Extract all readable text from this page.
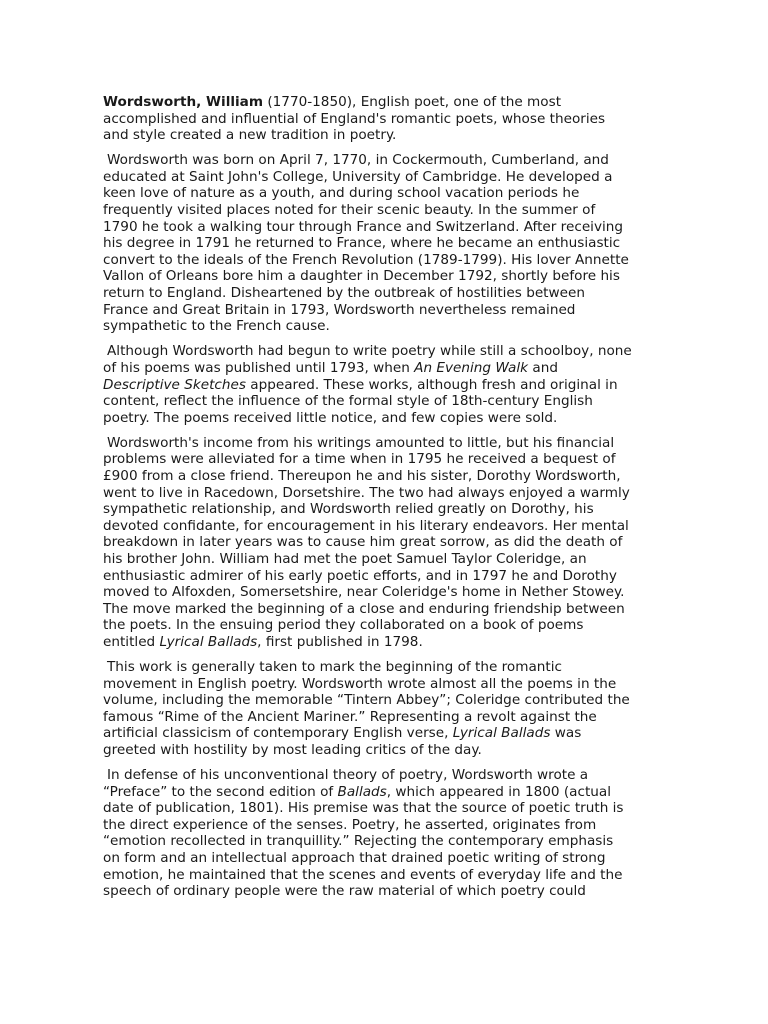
Wordsworth, William (1770-1850), English poet, one of the most accomplished and influential of England's romantic poets, whose theories and style created a new tradition in poetry.

Wordsworth was born on April 7, 1770, in Cockermouth, Cumberland, and educated at Saint John's College, University of Cambridge. He developed a keen love of nature as a youth, and during school vacation periods he frequently visited places noted for their scenic beauty. In the summer of 1790 he took a walking tour through France and Switzerland. After receiving his degree in 1791 he returned to France, where he became an enthusiastic convert to the ideals of the French Revolution (1789-1799). His lover Annette Vallon of Orleans bore him a daughter in December 1792, shortly before his return to England. Disheartened by the outbreak of hostilities between France and Great Britain in 1793, Wordsworth nevertheless remained sympathetic to the French cause.

Although Wordsworth had begun to write poetry while still a schoolboy, none of his poems was published until 1793, when An Evening Walk and Descriptive Sketches appeared. These works, although fresh and original in content, reflect the influence of the formal style of 18th-century English poetry. The poems received little notice, and few copies were sold.

Wordsworth's income from his writings amounted to little, but his financial problems were alleviated for a time when in 1795 he received a bequest of £900 from a close friend. Thereupon he and his sister, Dorothy Wordsworth, went to live in Racedown, Dorsetshire. The two had always enjoyed a warmly sympathetic relationship, and Wordsworth relied greatly on Dorothy, his devoted confidante, for encouragement in his literary endeavors. Her mental breakdown in later years was to cause him great sorrow, as did the death of his brother John. William had met the poet Samuel Taylor Coleridge, an enthusiastic admirer of his early poetic efforts, and in 1797 he and Dorothy moved to Alfoxden, Somersetshire, near Coleridge's home in Nether Stowey. The move marked the beginning of a close and enduring friendship between the poets. In the ensuing period they collaborated on a book of poems entitled Lyrical Ballads, first published in 1798.

This work is generally taken to mark the beginning of the romantic movement in English poetry. Wordsworth wrote almost all the poems in the volume, including the memorable “Tintern Abbey”; Coleridge contributed the famous “Rime of the Ancient Mariner.” Representing a revolt against the artificial classicism of contemporary English verse, Lyrical Ballads was greeted with hostility by most leading critics of the day.

In defense of his unconventional theory of poetry, Wordsworth wrote a “Preface” to the second edition of Ballads, which appeared in 1800 (actual date of publication, 1801). His premise was that the source of poetic truth is the direct experience of the senses. Poetry, he asserted, originates from “emotion recollected in tranquillity.” Rejecting the contemporary emphasis on form and an intellectual approach that drained poetic writing of strong emotion, he maintained that the scenes and events of everyday life and the speech of ordinary people were the raw material of which poetry could
